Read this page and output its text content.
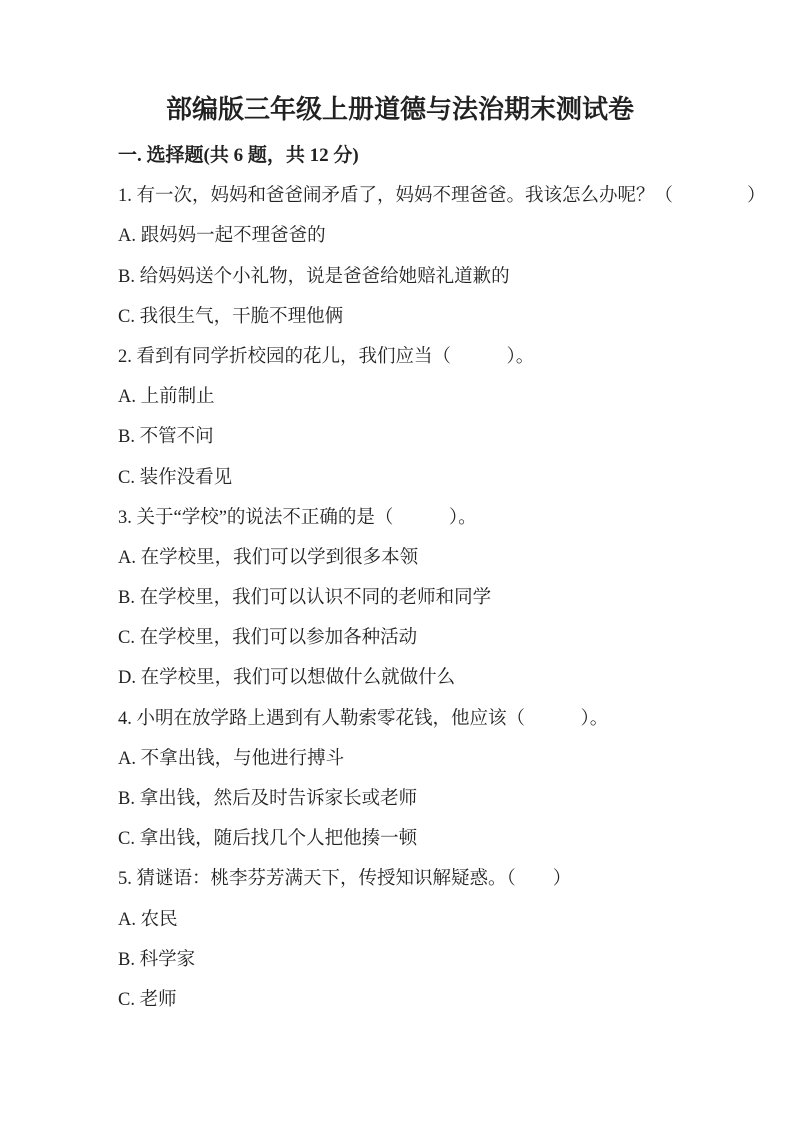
部编版三年级上册道德与法治期末测试卷

一. 选择题(共 6 题，共 12 分)

1. 有一次，妈妈和爸爸闹矛盾了，妈妈不理爸爸。我该怎么办呢？（　　　　）

A. 跟妈妈一起不理爸爸的

B. 给妈妈送个小礼物，说是爸爸给她赔礼道歉的

C. 我很生气，干脆不理他俩

2. 看到有同学折校园的花儿，我们应当（　　　）。

A. 上前制止

B. 不管不问

C. 装作没看见

3. 关于“学校”的说法不正确的是（　　　）。

A. 在学校里，我们可以学到很多本领

B. 在学校里，我们可以认识不同的老师和同学

C. 在学校里，我们可以参加各种活动

D. 在学校里，我们可以想做什么就做什么

4. 小明在放学路上遇到有人勒索零花钱，他应该（　　　）。

A. 不拿出钱，与他进行搏斗

B. 拿出钱，然后及时告诉家长或老师

C. 拿出钱，随后找几个人把他揍一顿

5. 猜谜语：桃李芬芳满天下，传授知识解疑惑。（　　）

A. 农民

B. 科学家

C. 老师
